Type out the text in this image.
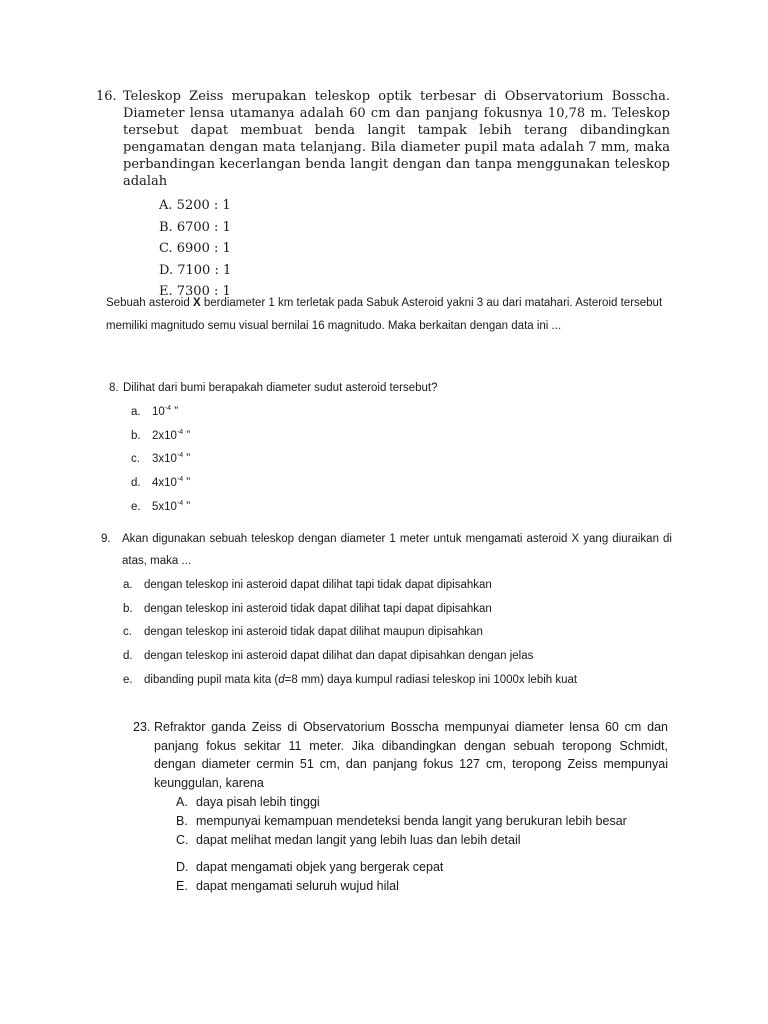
16. Teleskop Zeiss merupakan teleskop optik terbesar di Observatorium Bosscha. Diameter lensa utamanya adalah 60 cm dan panjang fokusnya 10,78 m. Teleskop tersebut dapat membuat benda langit tampak lebih terang dibandingkan pengamatan dengan mata telanjang. Bila diameter pupil mata adalah 7 mm, maka perbandingan kecerlangan benda langit dengan dan tanpa menggunakan teleskop adalah
A. 5200 : 1
B. 6700 : 1
C. 6900 : 1
D. 7100 : 1
E. 7300 : 1
Sebuah asteroid X berdiameter 1 km terletak pada Sabuk Asteroid yakni 3 au dari matahari. Asteroid tersebut memiliki magnitudo semu visual bernilai 16 magnitudo. Maka berkaitan dengan data ini ...
8. Dilihat dari bumi berapakah diameter sudut asteroid tersebut?
a. $10^{-4}$ ”
b. $2x10^{-4}$ ”
c. $3x10^{-4}$ ”
d. $4x10^{-4}$ ”
e. $5x10^{-4}$ ”
9. Akan digunakan sebuah teleskop dengan diameter 1 meter untuk mengamati asteroid X yang diuraikan di atas, maka ...
a. dengan teleskop ini asteroid dapat dilihat tapi tidak dapat dipisahkan
b. dengan teleskop ini asteroid tidak dapat dilihat tapi dapat dipisahkan
c. dengan teleskop ini asteroid tidak dapat dilihat maupun dipisahkan
d. dengan teleskop ini asteroid dapat dilihat dan dapat dipisahkan dengan jelas
e. dibanding pupil mata kita (d=8 mm) daya kumpul radiasi teleskop ini 1000x lebih kuat
23. Refraktor ganda Zeiss di Observatorium Bosscha mempunyai diameter lensa 60 cm dan panjang fokus sekitar 11 meter. Jika dibandingkan dengan sebuah teropong Schmidt, dengan diameter cermin 51 cm, dan panjang fokus 127 cm, teropong Zeiss mempunyai keunggulan, karena
A. daya pisah lebih tinggi
B. mempunyai kemampuan mendeteksi benda langit yang berukuran lebih besar
C. dapat melihat medan langit yang lebih luas dan lebih detail
D. dapat mengamati objek yang bergerak cepat
E. dapat mengamati seluruh wujud hilal
